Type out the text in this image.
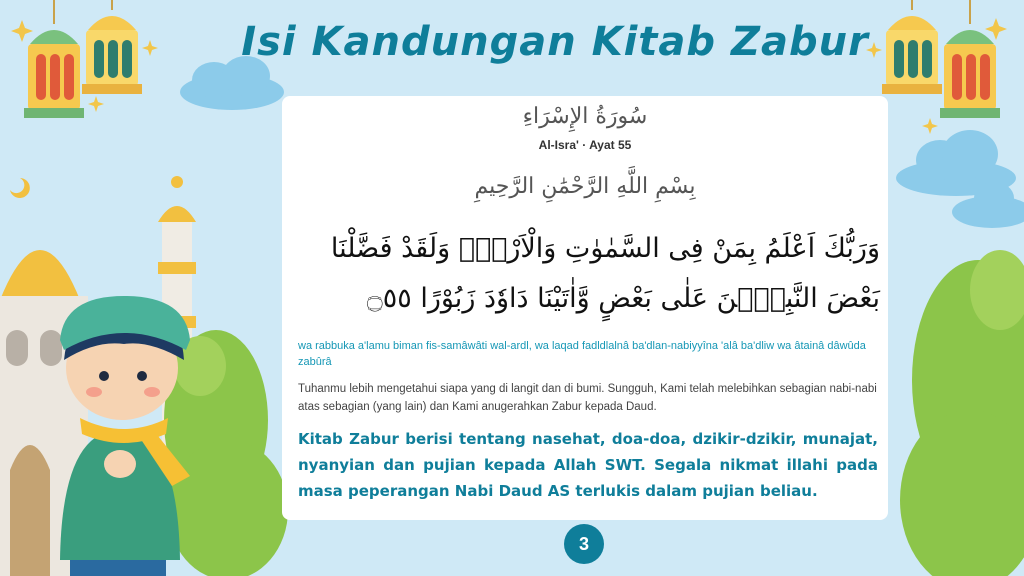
Isi Kandungan Kitab Zabur
سُورَةُ الإِسْرَاءِ
Al-Isra' · Ayat 55
بِسْمِ اللَّهِ الرَّحْمَٰنِ الرَّحِيمِ
وَرَبُّكَ اَعْلَمُ بِمَنْ فِى السَّمٰوٰتِ وَالْاَرْضِۗ وَلَقَدْ فَضَّلْنَا بَعْضَ النَّبِيّٖنَ عَلٰى بَعْضٍ وَّاٰتَيْنَا دَاوٗدَ زَبُوْرًا ۝٥٥
wa rabbuka a'lamu biman fis-samâwâti wal-ardl, wa laqad fadldlalnâ ba'dlan-nabiyyîna 'alâ ba'dliw wa âtainâ dâwûda zabûrâ
Tuhanmu lebih mengetahui siapa yang di langit dan di bumi. Sungguh, Kami telah melebihkan sebagian nabi-nabi atas sebagian (yang lain) dan Kami anugerahkan Zabur kepada Daud.
Kitab Zabur berisi tentang nasehat, doa-doa, dzikir-dzikir, munajat, nyanyian dan pujian kepada Allah SWT. Segala nikmat illahi pada masa peperangan Nabi Daud AS terlukis dalam pujian beliau.
3
